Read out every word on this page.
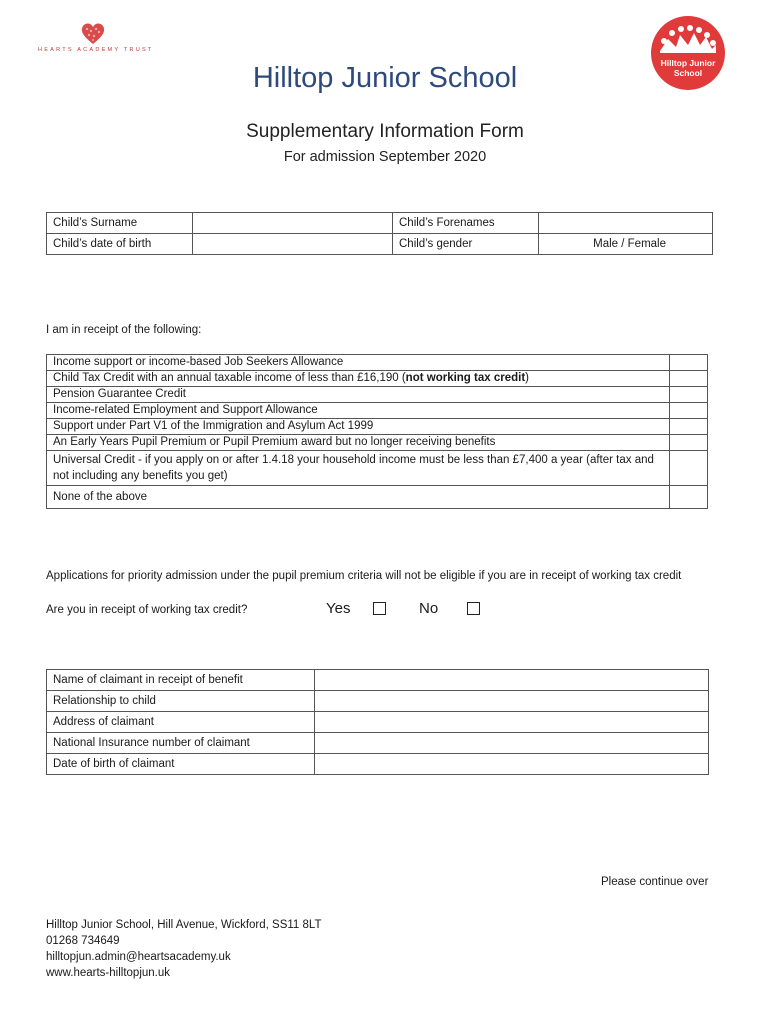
HEARTS ACADEMY TRUST
Hilltop Junior
School
Hilltop Junior School
Supplementary Information Form
For admission September 2020
Child’s Surname		Child’s Forenames	
Child’s date of birth		Child’s gender	Male / Female
I am in receipt of the following:
Income support or income-based Job Seekers Allowance	
Child Tax Credit with an annual taxable income of less than £16,190 (not working tax credit)	
Pension Guarantee Credit	
Income-related Employment and Support Allowance	
Support under Part V1 of the Immigration and Asylum Act 1999	
An Early Years Pupil Premium or Pupil Premium award but no longer receiving benefits	
Universal Credit - if you apply on or after 1.4.18 your household income must be less than £7,400 a year (after tax and not including any benefits you get)	
None of the above	
Applications for priority admission under the pupil premium criteria will not be eligible if you are in receipt of working tax credit
Are you in receipt of working tax credit?	Yes	No
Name of claimant in receipt of benefit	
Relationship to child	
Address of claimant	
National Insurance number of claimant	
Date of birth of claimant	
Please continue over
Hilltop Junior School, Hill Avenue, Wickford, SS11 8LT
01268 734649
hilltopjun.admin@heartsacademy.uk
www.hearts-hilltopjun.uk
